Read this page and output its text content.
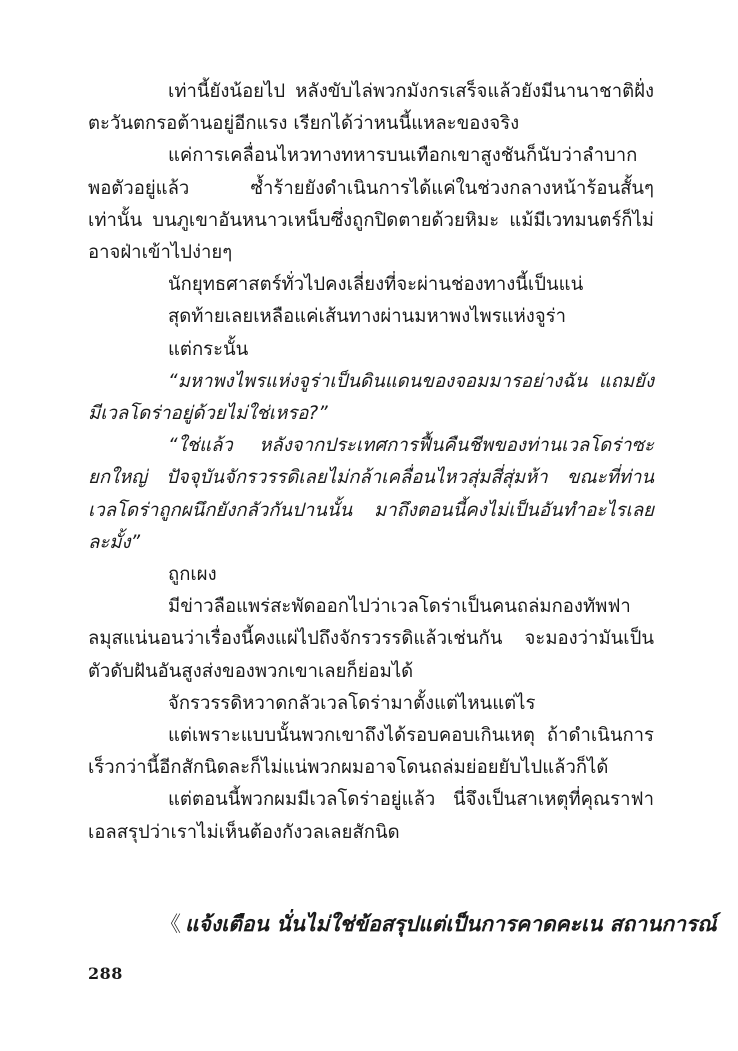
เท่านี้ยังน้อยไป หลังขับไล่พวกมังกรเสร็จแล้วยังมีนานาชาติฝั่งตะวันตกรอต้านอยู่อีกแรง เรียกได้ว่าหนนี้แหละของจริง

แค่การเคลื่อนไหวทางทหารบนเทือกเขาสูงชันก็นับว่าลำบากพอตัวอยู่แล้ว ซ้ำร้ายยังดำเนินการได้แค่ในช่วงกลางหน้าร้อนสั้นๆ เท่านั้น บนภูเขาอันหนาวเหน็บซึ่งถูกปิดตายด้วยหิมะ แม้มีเวทมนตร์ก็ไม่อาจฝ่าเข้าไปง่ายๆ

นักยุทธศาสตร์ทั่วไปคงเลี่ยงที่จะผ่านช่องทางนี้เป็นแน่

สุดท้ายเลยเหลือแค่เส้นทางผ่านมหาพงไพรแห่งจูร่า

แต่กระนั้น

“มหาพงไพรแห่งจูร่าเป็นดินแดนของจอมมารอย่างฉัน แถมยังมีเวลโดร่าอยู่ด้วยไม่ใช่เหรอ?”

“ใช่แล้ว หลังจากประเทศการฟื้นคืนชีพของท่านเวลโดร่าซะยกใหญ่ ปัจจุบันจักรวรรดิเลยไม่กล้าเคลื่อนไหวสุ่มสี่สุ่มห้า ขณะที่ท่านเวลโดร่าถูกผนึกยังกลัวกันปานนั้น มาถึงตอนนี้คงไม่เป็นอันทำอะไรเลยละมั้ง”

ถูกเผง

มีข่าวลือแพร่สะพัดออกไปว่าเวลโดร่าเป็นคนถล่มกองทัพฟาลมุสแน่นอนว่าเรื่องนี้คงแผ่ไปถึงจักรวรรดิแล้วเช่นกัน จะมองว่ามันเป็นตัวดับฝันอันสูงส่งของพวกเขาเลยก็ย่อมได้

จักรวรรดิหวาดกลัวเวลโดร่ามาตั้งแต่ไหนแต่ไร

แต่เพราะแบบนั้นพวกเขาถึงได้รอบคอบเกินเหตุ ถ้าดำเนินการเร็วกว่านี้อีกสักนิดละก็ไม่แน่พวกผมอาจโดนถล่มย่อยยับไปแล้วก็ได้

แต่ตอนนี้พวกผมมีเวลโดร่าอยู่แล้ว นี่จึงเป็นสาเหตุที่คุณราฟาเอลสรุปว่าเราไม่เห็นต้องกังวลเลยสักนิด

《 แจ้งเตือน นั่นไม่ใช่ข้อสรุปแต่เป็นการคาดคะเน สถานการณ์
288
